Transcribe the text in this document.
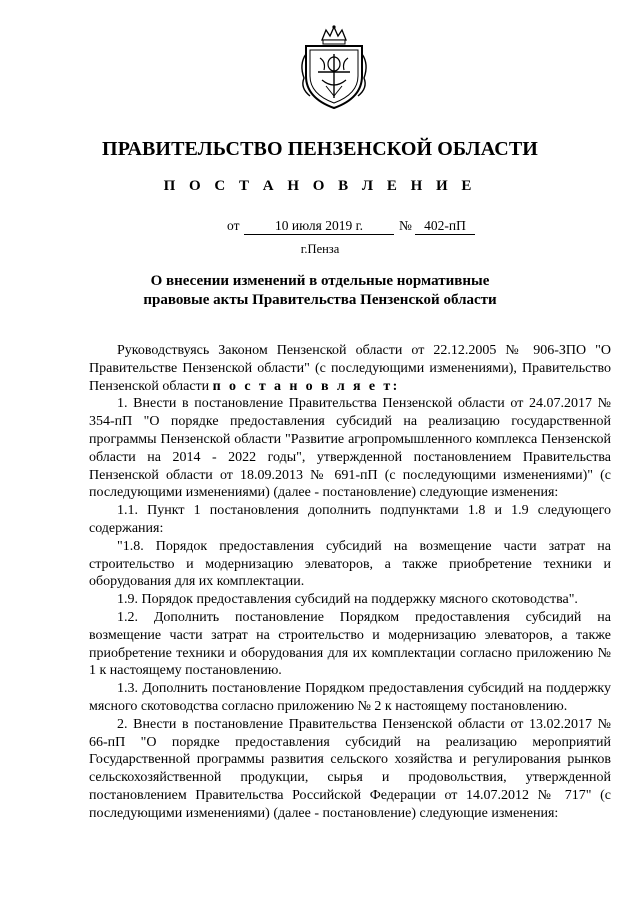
ПРАВИТЕЛЬСТВО ПЕНЗЕНСКОЙ ОБЛАСТИ
П О С Т А Н О В Л Е Н И Е
от	10 июля 2019 г.	№ 402-пП
г.Пенза
О внесении изменений в отдельные нормативные
правовые акты Правительства Пензенской области

Руководствуясь Законом Пензенской области от 22.12.2005 № 906-ЗПО "О Правительстве Пензенской области" (с последующими изменениями), Правительство Пензенской области п о с т а н о в л я е т:

1. Внести в постановление Правительства Пензенской области от 24.07.2017 № 354-пП "О порядке предоставления субсидий на реализацию государственной программы Пензенской области "Развитие агропромышленного комплекса Пензенской области на 2014 - 2022 годы", утвержденной постановлением Правительства Пензенской области от 18.09.2013 № 691-пП (с последующими изменениями)" (с последующими изменениями) (далее - постановление) следующие изменения:

1.1. Пункт 1 постановления дополнить подпунктами 1.8 и 1.9 следующего содержания:

"1.8. Порядок предоставления субсидий на возмещение части затрат на строительство и модернизацию элеваторов, а также приобретение техники и оборудования для их комплектации.

1.9. Порядок предоставления субсидий на поддержку мясного скотоводства".

1.2. Дополнить постановление Порядком предоставления субсидий на возмещение части затрат на строительство и модернизацию элеваторов, а также приобретение техники и оборудования для их комплектации согласно приложению № 1 к настоящему постановлению.

1.3. Дополнить постановление Порядком предоставления субсидий на поддержку мясного скотоводства согласно приложению № 2 к настоящему постановлению.

2. Внести в постановление Правительства Пензенской области от 13.02.2017 № 66-пП "О порядке предоставления субсидий на реализацию мероприятий Государственной программы развития сельского хозяйства и регулирования рынков сельскохозяйственной продукции, сырья и продовольствия, утвержденной постановлением Правительства Российской Федерации от 14.07.2012 № 717" (с последующими изменениями) (далее - постановление) следующие изменения:
